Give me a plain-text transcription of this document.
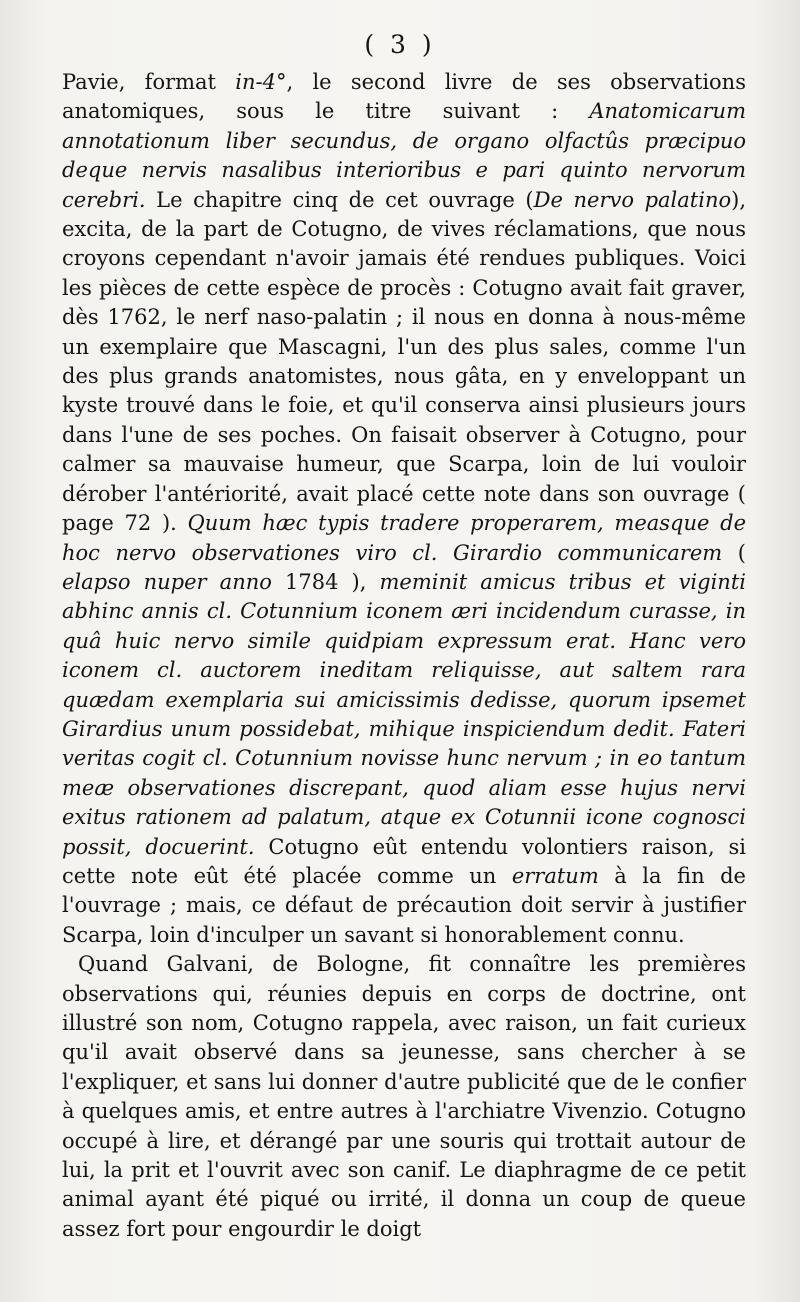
( 3 )

Pavie, format in-4°, le second livre de ses observations anatomiques, sous le titre suivant : Anatomicarum annotationum liber secundus, de organo olfactûs præcipuo deque nervis nasalibus interioribus e pari quinto nervorum cerebri. Le chapitre cinq de cet ouvrage (De nervo palatino), excita, de la part de Cotugno, de vives réclamations, que nous croyons cependant n'avoir jamais été rendues publiques. Voici les pièces de cette espèce de procès : Cotugno avait fait graver, dès 1762, le nerf naso-palatin ; il nous en donna à nous-même un exemplaire que Mascagni, l'un des plus sales, comme l'un des plus grands anatomistes, nous gâta, en y enveloppant un kyste trouvé dans le foie, et qu'il conserva ainsi plusieurs jours dans l'une de ses poches. On faisait observer à Cotugno, pour calmer sa mauvaise humeur, que Scarpa, loin de lui vouloir dérober l'antériorité, avait placé cette note dans son ouvrage ( page 72 ). Quum hæc typis tradere properarem, measque de hoc nervo observationes viro cl. Girardio communicarem ( elapso nuper anno 1784 ), meminit amicus tribus et viginti abhinc annis cl. Cotunnium iconem æri incidendum curasse, in quâ huic nervo simile quidpiam expressum erat. Hanc vero iconem cl. auctorem ineditam reliquisse, aut saltem rara quædam exemplaria sui amicissimis dedisse, quorum ipsemet Girardius unum possidebat, mihique inspiciendum dedit. Fateri veritas cogit cl. Cotunnium novisse hunc nervum ; in eo tantum meæ observationes discrepant, quod aliam esse hujus nervi exitus rationem ad palatum, atque ex Cotunnii icone cognosci possit, docuerint. Cotugno eût entendu volontiers raison, si cette note eût été placée comme un erratum à la fin de l'ouvrage ; mais, ce défaut de précaution doit servir à justifier Scarpa, loin d'inculper un savant si honorablement connu.

Quand Galvani, de Bologne, fit connaître les premières observations qui, réunies depuis en corps de doctrine, ont illustré son nom, Cotugno rappela, avec raison, un fait curieux qu'il avait observé dans sa jeunesse, sans chercher à se l'expliquer, et sans lui donner d'autre publicité que de le confier à quelques amis, et entre autres à l'archiatre Vivenzio. Cotugno occupé à lire, et dérangé par une souris qui trottait autour de lui, la prit et l'ouvrit avec son canif. Le diaphragme de ce petit animal ayant été piqué ou irrité, il donna un coup de queue assez fort pour engourdir le doigt
